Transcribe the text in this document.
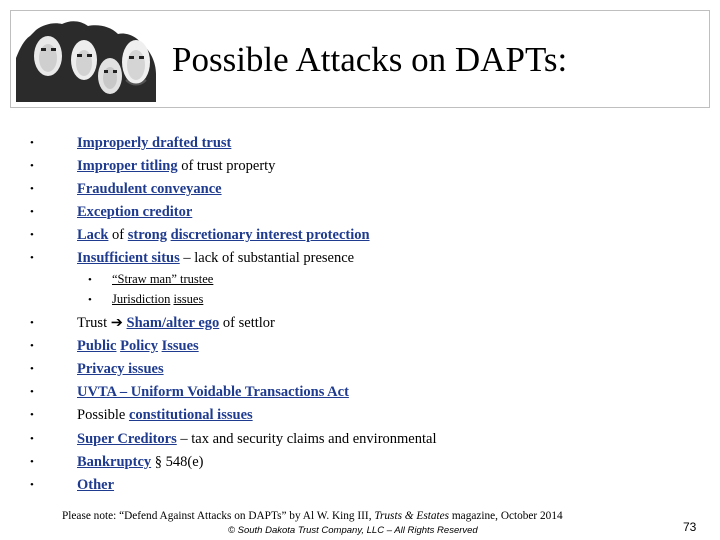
Possible Attacks on DAPTs:
•	Improperly drafted trust
•	Improper titling of trust property
•	Fraudulent conveyance
•	Exception creditor
•	Lack of strong discretionary interest protection
•	Insufficient situs – lack of substantial presence
• “Straw man” trustee
• Jurisdiction issues
•	Trust ➔ Sham/alter ego of settlor
•	Public Policy Issues
•	Privacy issues
•	UVTA – Uniform Voidable Transactions Act
•	Possible constitutional issues
•	Super Creditors – tax and security claims and environmental
•	Bankruptcy § 548(e)
•	Other
Please note: “Defend Against Attacks on DAPTs” by Al W. King III, Trusts & Estates magazine, October 2014
© South Dakota Trust Company, LLC – All Rights Reserved	73
